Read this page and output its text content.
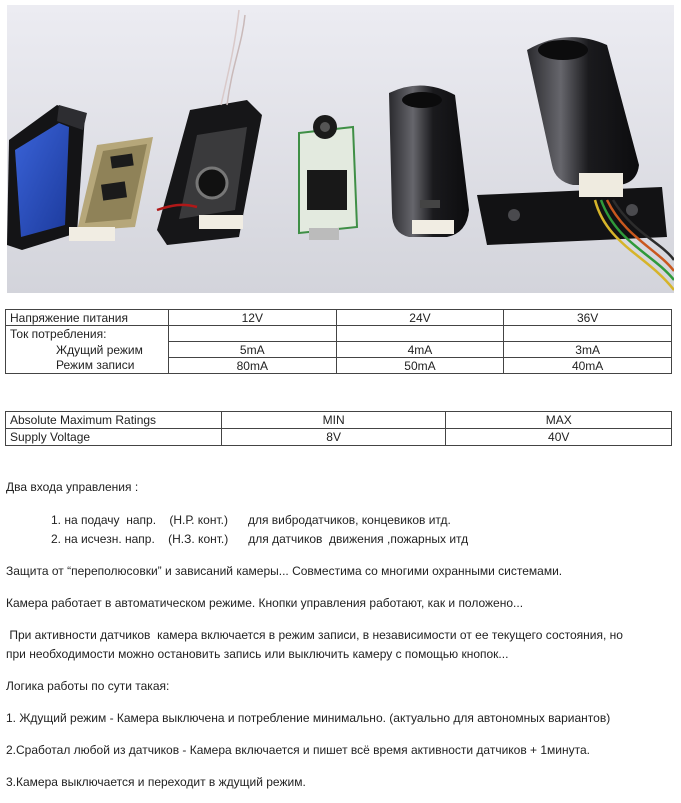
Напряжение питания	12V	24V	36V
Ток потребления:			
Ждущий режим	5mA	4mA	3mA
Режим записи	80mA	50mA	40mA
Absolute Maximum Ratings	MIN	MAX
Supply Voltage	8V	40V
Два входа управления :
1. на подачу  напр.    (Н.Р. конт.)      для вибродатчиков, концевиков итд.
2. на исчезн. напр.    (Н.З. конт.)      для датчиков  движения ,пожарных итд
Защита от “переполюсовки” и зависаний камеры... Совместима со многими охранными системами.
Камера работает в автоматическом режиме. Кнопки управления работают, как и положено...
При активности датчиков  камера включается в режим записи, в независимости от ее текущего состояния, но
при необходимости можно остановить запись или выключить камеру с помощью кнопок...
Логика работы по сути такая:
1. Ждущий режим - Камера выключена и потребление минимально. (актуально для автономных вариантов)
2.Сработал любой из датчиков - Камера включается и пишет всё время активности датчиков + 1минута.
3.Камера выключается и переходит в ждущий режим.
